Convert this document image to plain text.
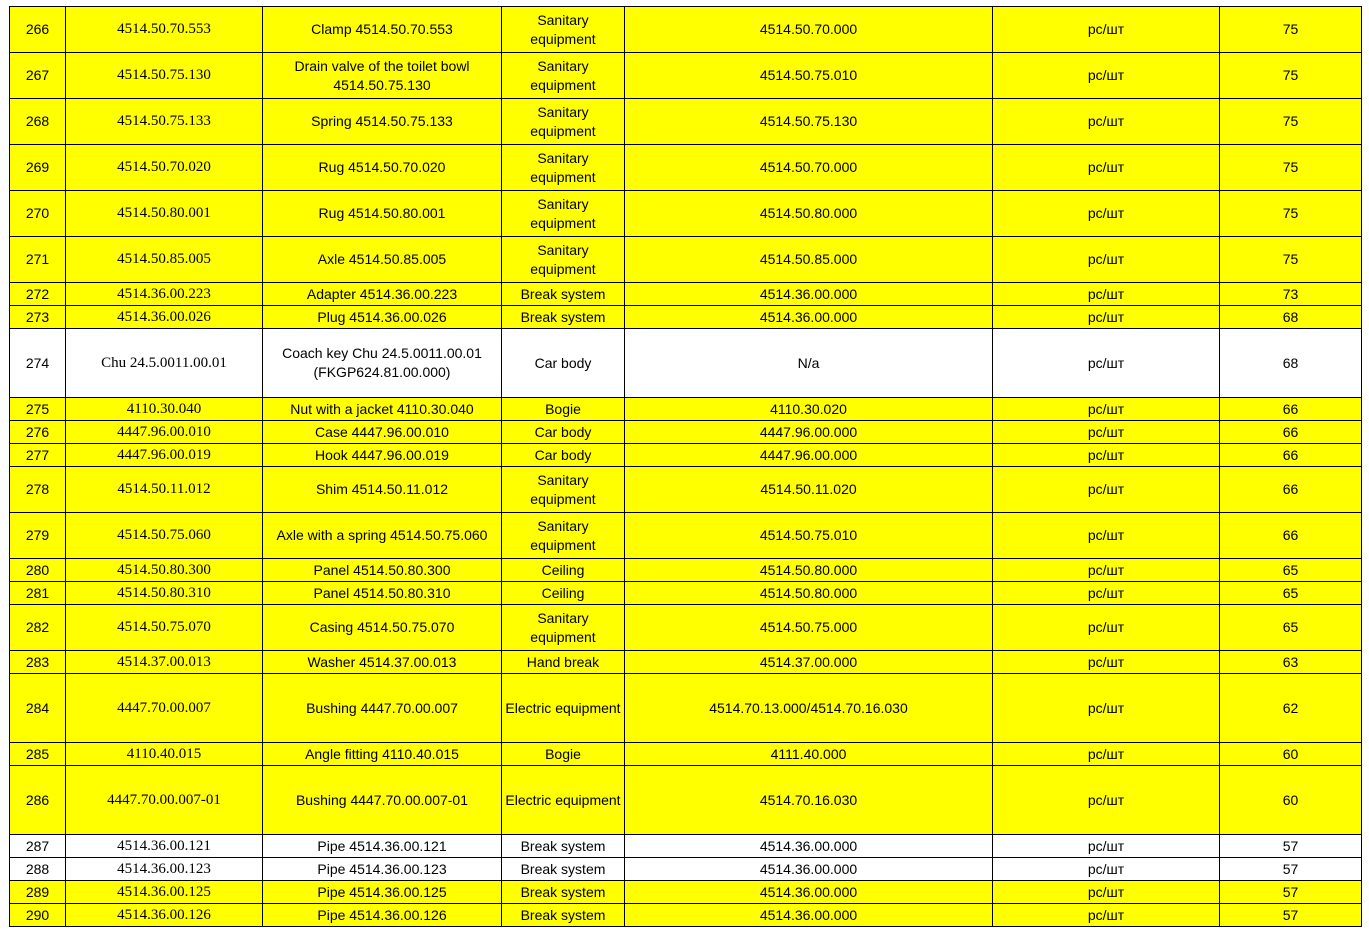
266	4514.50.70.553	Clamp 4514.50.70.553	Sanitary equipment	4514.50.70.000	pc/шт	75
267	4514.50.75.130	Drain valve of the toilet bowl 4514.50.75.130	Sanitary equipment	4514.50.75.010	pc/шт	75
268	4514.50.75.133	Spring 4514.50.75.133	Sanitary equipment	4514.50.75.130	pc/шт	75
269	4514.50.70.020	Rug 4514.50.70.020	Sanitary equipment	4514.50.70.000	pc/шт	75
270	4514.50.80.001	Rug 4514.50.80.001	Sanitary equipment	4514.50.80.000	pc/шт	75
271	4514.50.85.005	Axle 4514.50.85.005	Sanitary equipment	4514.50.85.000	pc/шт	75
272	4514.36.00.223	Adapter 4514.36.00.223	Break system	4514.36.00.000	pc/шт	73
273	4514.36.00.026	Plug 4514.36.00.026	Break system	4514.36.00.000	pc/шт	68
274	Chu 24.5.0011.00.01	Coach key Chu 24.5.0011.00.01 (FKGP624.81.00.000)	Car body	N/a	pc/шт	68
275	4110.30.040	Nut with a jacket 4110.30.040	Bogie	4110.30.020	pc/шт	66
276	4447.96.00.010	Case 4447.96.00.010	Car body	4447.96.00.000	pc/шт	66
277	4447.96.00.019	Hook 4447.96.00.019	Car body	4447.96.00.000	pc/шт	66
278	4514.50.11.012	Shim 4514.50.11.012	Sanitary equipment	4514.50.11.020	pc/шт	66
279	4514.50.75.060	Axle with a spring 4514.50.75.060	Sanitary equipment	4514.50.75.010	pc/шт	66
280	4514.50.80.300	Panel 4514.50.80.300	Ceiling	4514.50.80.000	pc/шт	65
281	4514.50.80.310	Panel 4514.50.80.310	Ceiling	4514.50.80.000	pc/шт	65
282	4514.50.75.070	Casing 4514.50.75.070	Sanitary equipment	4514.50.75.000	pc/шт	65
283	4514.37.00.013	Washer 4514.37.00.013	Hand break	4514.37.00.000	pc/шт	63
284	4447.70.00.007	Bushing 4447.70.00.007	Electric equipment	4514.70.13.000/4514.70.16.030	pc/шт	62
285	4110.40.015	Angle fitting 4110.40.015	Bogie	4111.40.000	pc/шт	60
286	4447.70.00.007-01	Bushing 4447.70.00.007-01	Electric equipment	4514.70.16.030	pc/шт	60
287	4514.36.00.121	Pipe 4514.36.00.121	Break system	4514.36.00.000	pc/шт	57
288	4514.36.00.123	Pipe 4514.36.00.123	Break system	4514.36.00.000	pc/шт	57
289	4514.36.00.125	Pipe 4514.36.00.125	Break system	4514.36.00.000	pc/шт	57
290	4514.36.00.126	Pipe 4514.36.00.126	Break system	4514.36.00.000	pc/шт	57
